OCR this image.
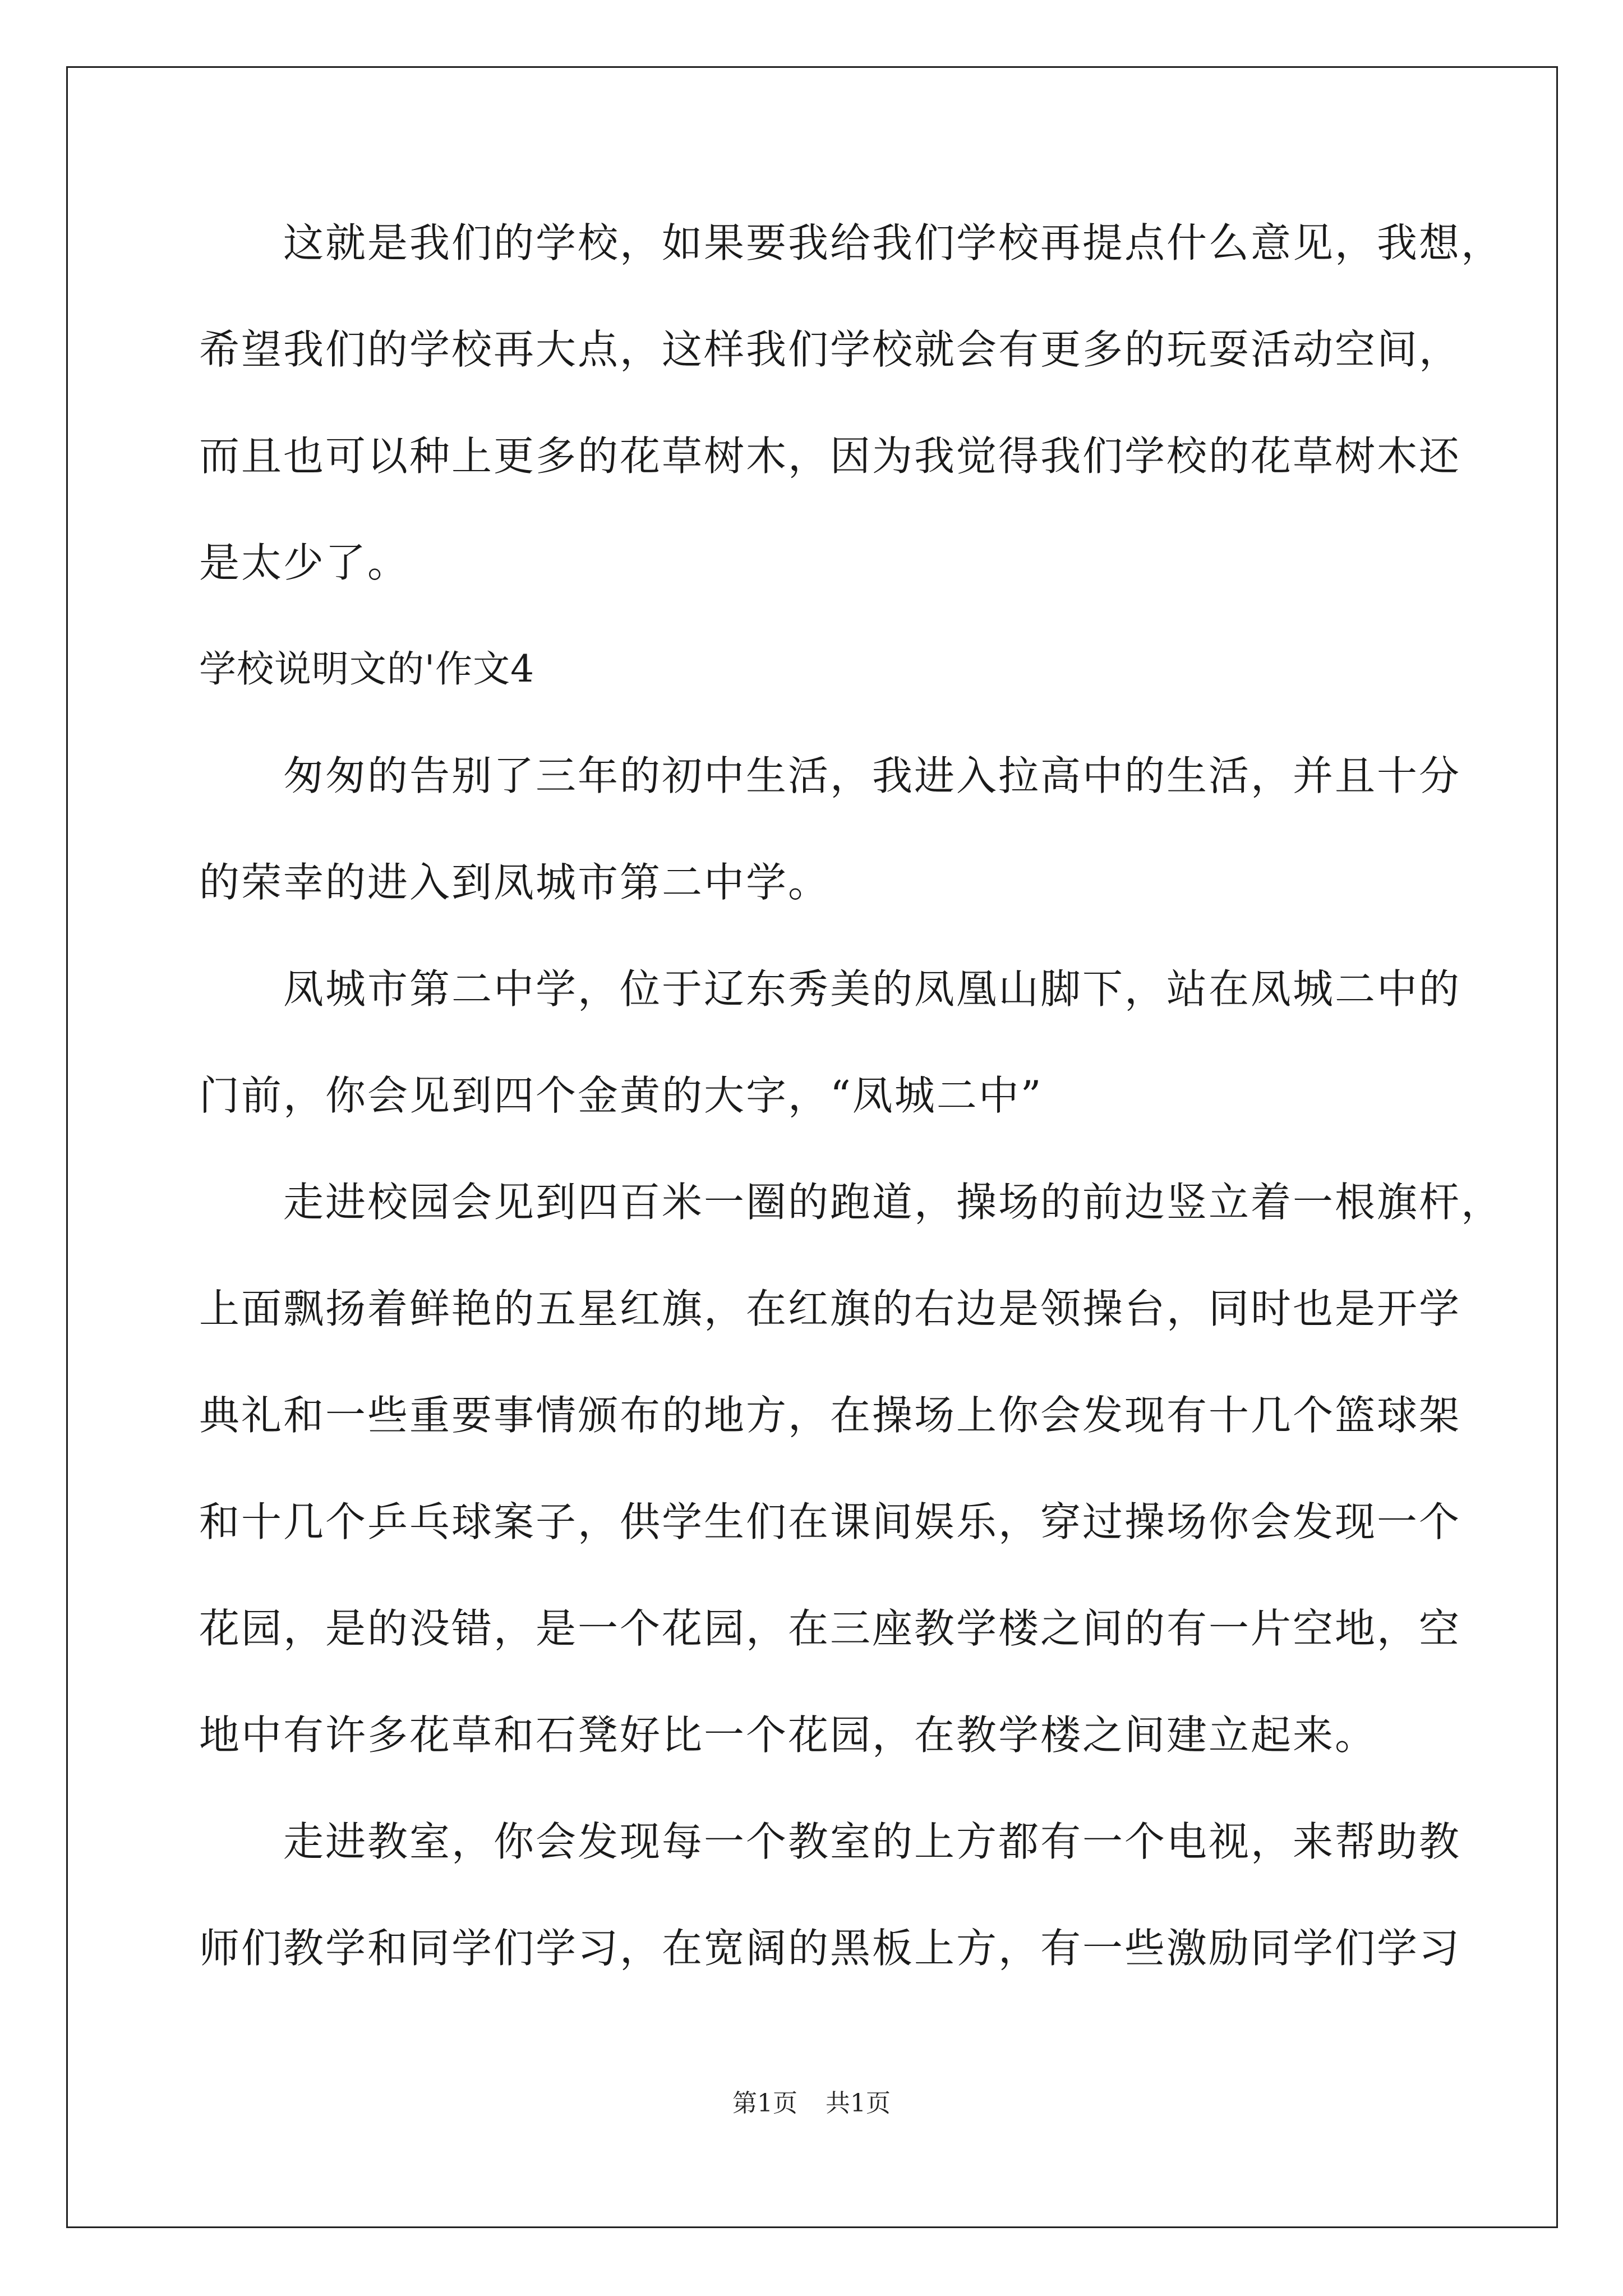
这就是我们的学校，如果要我给我们学校再提点什么意见，我想，
希望我们的学校再大点，这样我们学校就会有更多的玩耍活动空间，
而且也可以种上更多的花草树木，因为我觉得我们学校的花草树木还
是太少了。
学校说明文的'作文4
匆匆的告别了三年的初中生活，我进入拉高中的生活，并且十分
的荣幸的进入到凤城市第二中学。
凤城市第二中学，位于辽东秀美的凤凰山脚下，站在凤城二中的
门前，你会见到四个金黄的大字，“凤城二中”
走进校园会见到四百米一圈的跑道，操场的前边竖立着一根旗杆，
上面飘扬着鲜艳的五星红旗，在红旗的右边是领操台，同时也是开学
典礼和一些重要事情颁布的地方，在操场上你会发现有十几个篮球架
和十几个乒乓球案子，供学生们在课间娱乐，穿过操场你会发现一个
花园，是的没错，是一个花园，在三座教学楼之间的有一片空地，空
地中有许多花草和石凳好比一个花园，在教学楼之间建立起来。
走进教室，你会发现每一个教室的上方都有一个电视，来帮助教
师们教学和同学们学习，在宽阔的黑板上方，有一些激励同学们学习
第1页 共1页
